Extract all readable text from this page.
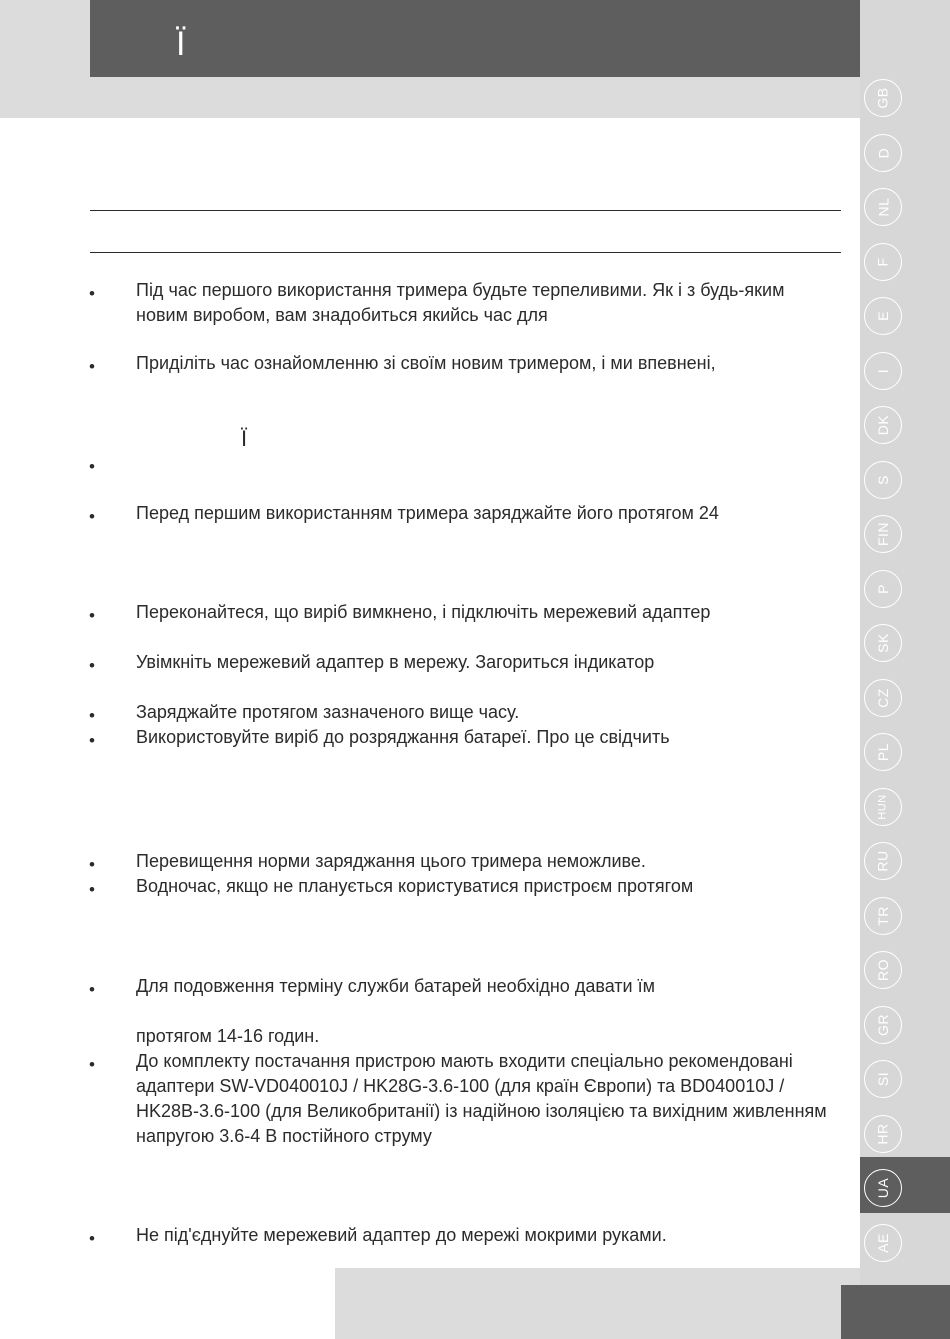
Ї
GB
D
NL
F
E
I
DK
S
FIN
P
SK
CZ
PL
HUN
RU
TR
RO
GR
SI
HR
UA
AE
• Під час першого використання тримера будьте терпеливими. Як і з будь-яким новим виробом, вам знадобиться якийсь час для

• Приділіть час ознайомленню зі своїм новим тримером, і ми впевнені,

Ї
•

• Перед першим використанням тримера заряджайте його протягом 24

• Переконайтеся, що виріб вимкнено, і підключіть мережевий адаптер

• Увімкніть мережевий адаптер в мережу. Загориться індикатор

• Заряджайте протягом зазначеного вище часу.

• Використовуйте виріб до розряджання батареї. Про це свідчить

• Перевищення норми заряджання цього тримера неможливе.

• Водночас, якщо не планується користуватися пристроєм протягом

• Для подовження терміну служби батарей необхідно давати їм

протягом 14-16 годин.

• До комплекту постачання пристрою мають входити спеціально рекомендовані адаптери SW-VD040010J / HK28G-3.6-100 (для країн Європи) та BD040010J / HK28B-3.6-100 (для Великобританії) із надійною ізоляцією та вихідним живленням напругою 3.6-4 В постійного струму

• Не під'єднуйте мережевий адаптер до мережі мокрими руками.
